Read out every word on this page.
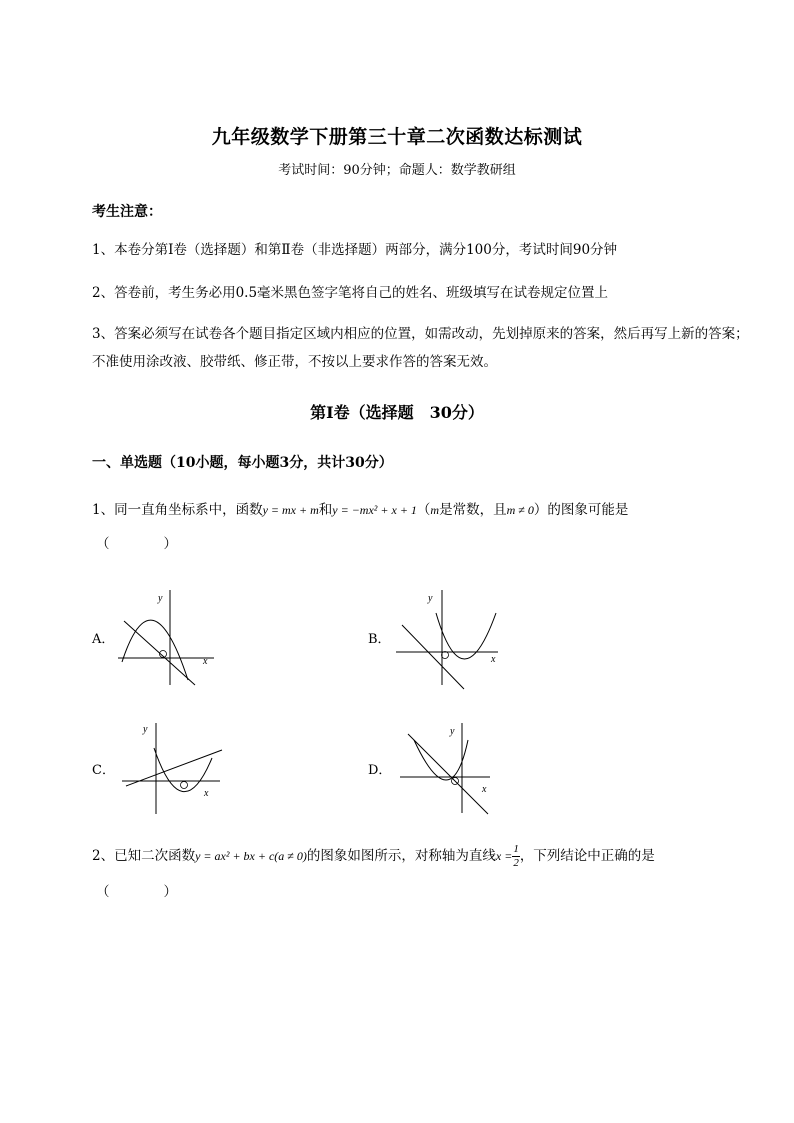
九年级数学下册第三十章二次函数达标测试
考试时间：90分钟；命题人：数学教研组
考生注意：
1、本卷分第I卷（选择题）和第Ⅱ卷（非选择题）两部分，满分100分，考试时间90分钟
2、答卷前，考生务必用0.5毫米黑色签字笔将自己的姓名、班级填写在试卷规定位置上
3、答案必须写在试卷各个题目指定区域内相应的位置，如需改动，先划掉原来的答案，然后再写上新的答案；不准使用涂改液、胶带纸、修正带，不按以上要求作答的答案无效。
第I卷（选择题　30分）
一、单选题（10小题，每小题3分，共计30分）
1、同一直角坐标系中，函数y = mx + m和y = −mx² + x + 1（m是常数，且m ≠ 0）的图象可能是
（　　　　）
A．
y
x
B．
y
x
C．
y
x
D．
y
x
2、已知二次函数y = ax² + bx + c(a ≠ 0)的图象如图所示，对称轴为直线$x = \frac{1}{2}$ ，下列结论中正确的是
（　　　　）
